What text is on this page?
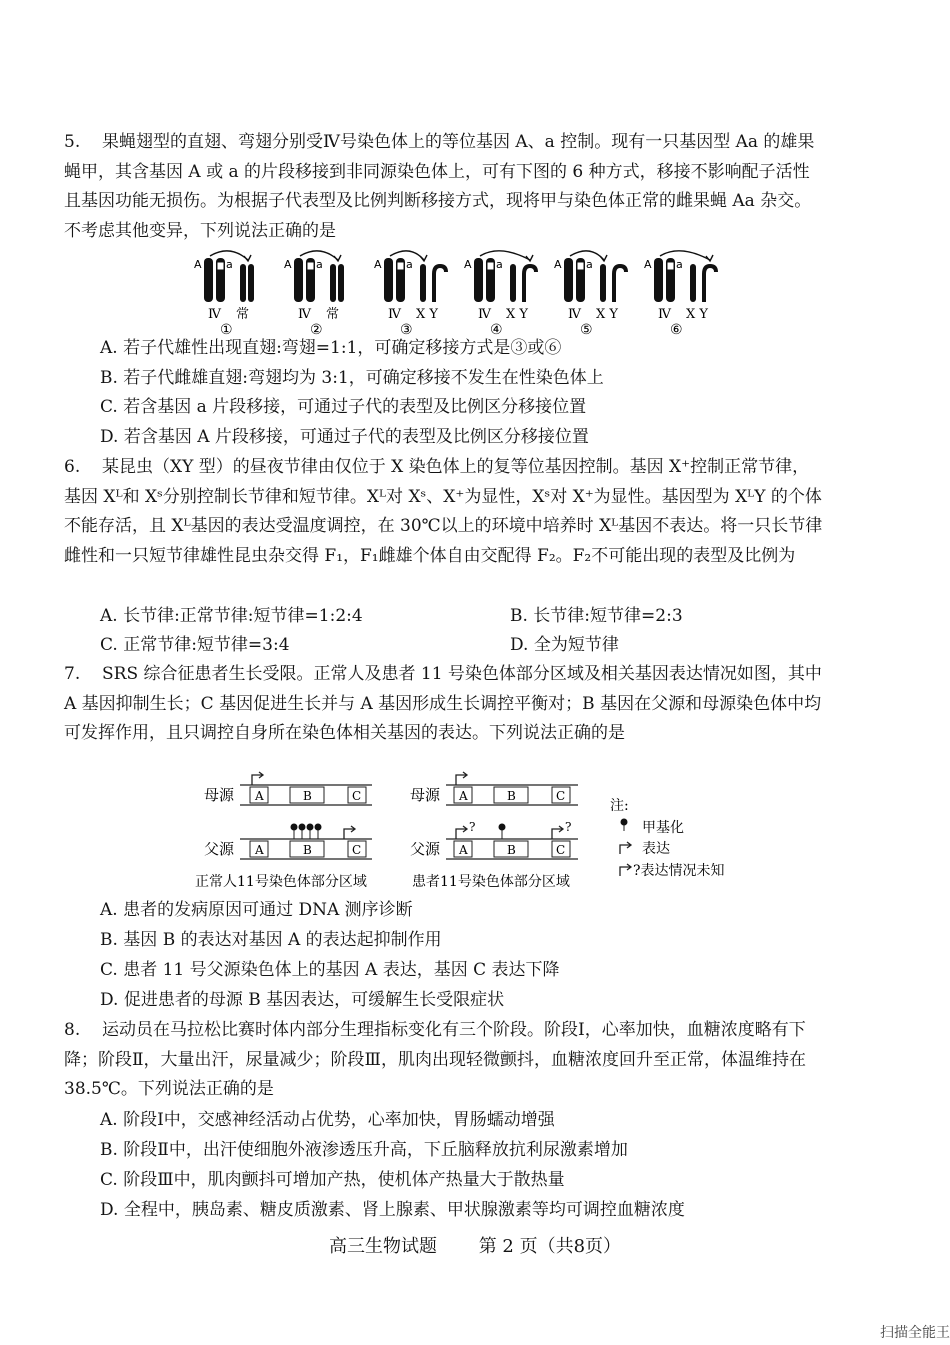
5. 果蝇翅型的直翅、弯翅分别受Ⅳ号染色体上的等位基因 A、a 控制。现有一只基因型 Aa 的雄果蝇甲，其含基因 A 或 a 的片段移接到非同源染色体上，可有下图的 6 种方式，移接不影响配子活性且基因功能无损伤。为根据子代表型及比例判断移接方式，现将甲与染色体正常的雌果蝇 Aa 杂交。不考虑其他变异，下列说法正确的是

A a
Ⅳ 常
①
A a
Ⅳ 常
②
A a
Ⅳ X Y
③
A a
Ⅳ X Y
④
A a
Ⅳ X Y
⑤
A a
Ⅳ X Y
⑥
A. 若子代雄性出现直翅:弯翅=1:1，可确定移接方式是③或⑥
B. 若子代雌雄直翅:弯翅均为 3:1，可确定移接不发生在性染色体上
C. 若含基因 a 片段移接，可通过子代的表型及比例区分移接位置
D. 若含基因 A 片段移接，可通过子代的表型及比例区分移接位置

6. 某昆虫（XY 型）的昼夜节律由仅位于 X 染色体上的复等位基因控制。基因 X⁺控制正常节律，基因 Xᴸ和 Xˢ分别控制长节律和短节律。Xᴸ对 Xˢ、X⁺为显性，Xˢ对 X⁺为显性。基因型为 XᴸY 的个体不能存活，且 Xᴸ基因的表达受温度调控，在 30℃以上的环境中培养时 Xᴸ基因不表达。将一只长节律雌性和一只短节律雄性昆虫杂交得 F₁，F₁雌雄个体自由交配得 F₂。F₂不可能出现的表型及比例为

A. 长节律:正常节律:短节律=1:2:4	B. 长节律:短节律=2:3
C. 正常节律:短节律=3:4	D. 全为短节律

7. SRS 综合征患者生长受限。正常人及患者 11 号染色体部分区域及相关基因表达情况如图，其中 A 基因抑制生长；C 基因促进生长并与 A 基因形成生长调控平衡对；B 基因在父源和母源染色体中均可发挥作用，且只调控自身所在染色体相关基因的表达。下列说法正确的是

母源 A	B	C
父源 A	B	C
正常人11号染色体部分区域
母源 A	B	C
父源 A	B	C
?	?
患者11号染色体部分区域
注:
甲基化
表达
?表达情况未知
A. 患者的发病原因可通过 DNA 测序诊断
B. 基因 B 的表达对基因 A 的表达起抑制作用
C. 患者 11 号父源染色体上的基因 A 表达，基因 C 表达下降
D. 促进患者的母源 B 基因表达，可缓解生长受限症状

8. 运动员在马拉松比赛时体内部分生理指标变化有三个阶段。阶段Ⅰ，心率加快，血糖浓度略有下降；阶段Ⅱ，大量出汗，尿量减少；阶段Ⅲ，肌肉出现轻微颤抖，血糖浓度回升至正常，体温维持在 38.5℃。下列说法正确的是

A. 阶段Ⅰ中，交感神经活动占优势，心率加快，胃肠蠕动增强
B. 阶段Ⅱ中，出汗使细胞外液渗透压升高，下丘脑释放抗利尿激素增加
C. 阶段Ⅲ中，肌肉颤抖可增加产热，使机体产热量大于散热量
D. 全程中，胰岛素、糖皮质激素、肾上腺素、甲状腺激素等均可调控血糖浓度
高三生物试题 第 2 页（共8页）
扫描全能王
